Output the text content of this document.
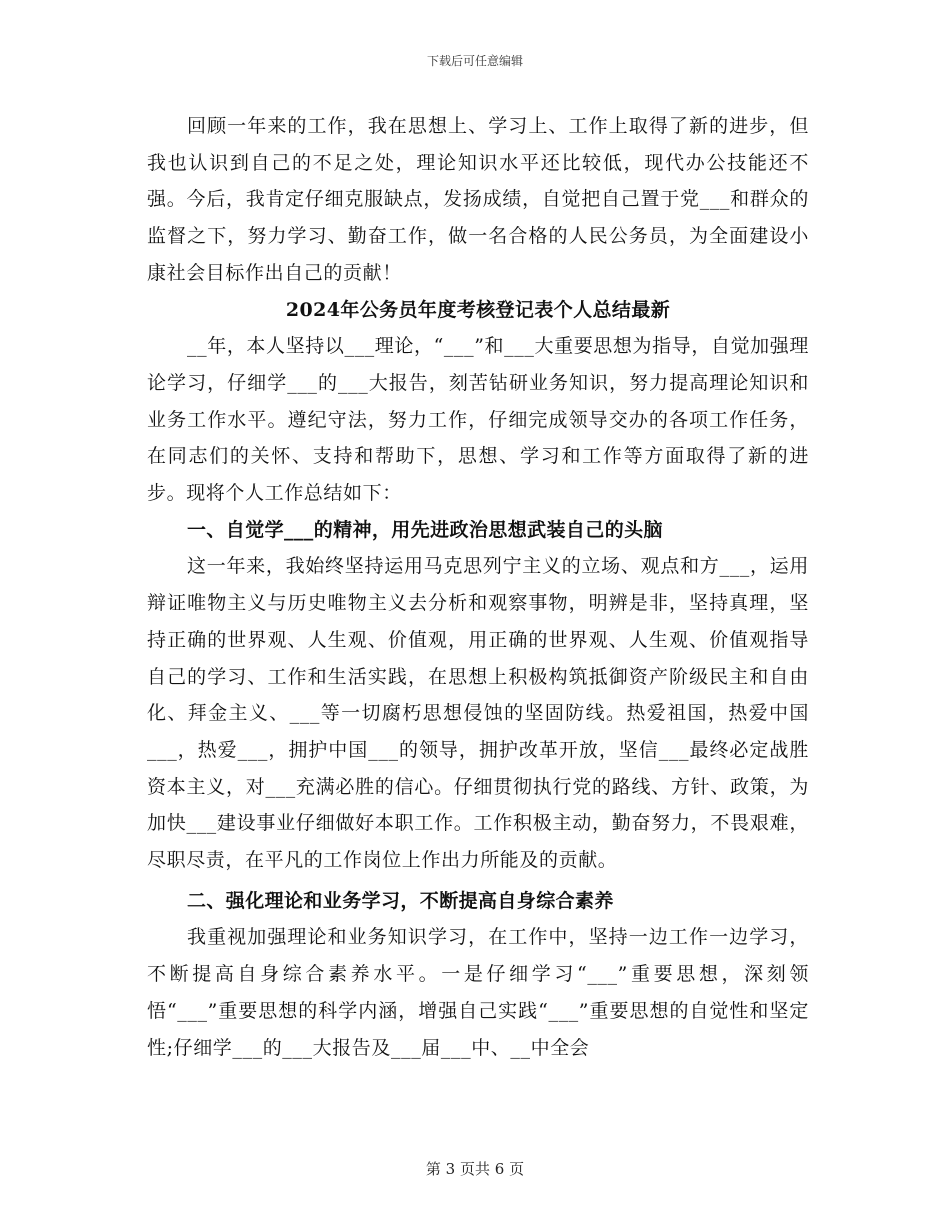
下载后可任意编辑

回顾一年来的工作，我在思想上、学习上、工作上取得了新的进步，但我也认识到自己的不足之处，理论知识水平还比较低，现代办公技能还不强。今后，我肯定仔细克服缺点，发扬成绩，自觉把自己置于党___和群众的监督之下，努力学习、勤奋工作，做一名合格的人民公务员，为全面建设小康社会目标作出自己的贡献！

2024年公务员年度考核登记表个人总结最新

__年，本人坚持以___理论，“___”和___大重要思想为指导，自觉加强理论学习，仔细学___的___大报告，刻苦钻研业务知识，努力提高理论知识和业务工作水平。遵纪守法，努力工作，仔细完成领导交办的各项工作任务，在同志们的关怀、支持和帮助下，思想、学习和工作等方面取得了新的进步。现将个人工作总结如下：

一、自觉学___的精神，用先进政治思想武装自己的头脑

这一年来，我始终坚持运用马克思列宁主义的立场、观点和方___，运用辩证唯物主义与历史唯物主义去分析和观察事物，明辨是非，坚持真理，坚持正确的世界观、人生观、价值观，用正确的世界观、人生观、价值观指导自己的学习、工作和生活实践，在思想上积极构筑抵御资产阶级民主和自由化、拜金主义、___等一切腐朽思想侵蚀的坚固防线。热爱祖国，热爱中国___，热爱___，拥护中国___的领导，拥护改革开放，坚信___最终必定战胜资本主义，对___充满必胜的信心。仔细贯彻执行党的路线、方针、政策，为加快___建设事业仔细做好本职工作。工作积极主动，勤奋努力，不畏艰难，尽职尽责，在平凡的工作岗位上作出力所能及的贡献。

二、强化理论和业务学习，不断提高自身综合素养

我重视加强理论和业务知识学习，在工作中，坚持一边工作一边学习，不断提高自身综合素养水平。一是仔细学习“___”重要思想，深刻领悟“___”重要思想的科学内涵，增强自己实践“___”重要思想的自觉性和坚定性;仔细学___的___大报告及___届___中、__中全会

第 3 页共 6 页
